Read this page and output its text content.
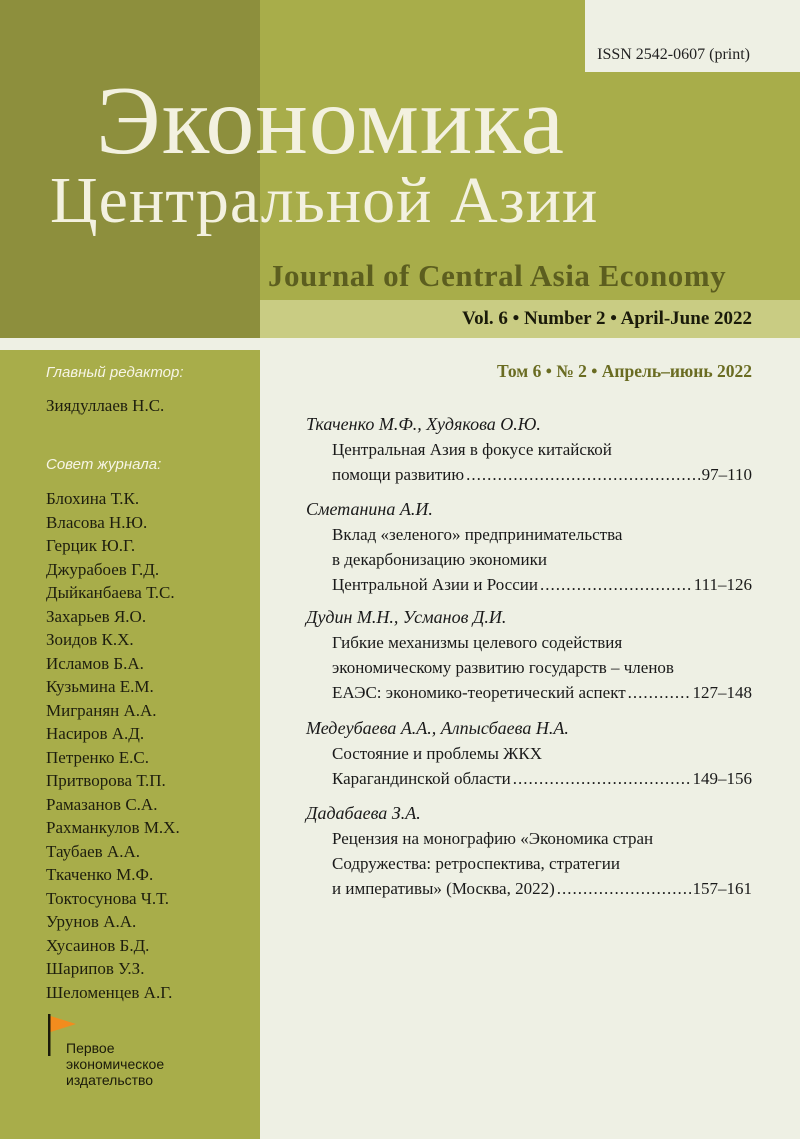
ISSN 2542-0607 (print)
Экономика
Центральной Азии
Journal of Central Asia Economy
Vol. 6 • Number 2 • April-June 2022
Главный редактор:
Зиядуллаев Н.С.
Совет журнала:
Блохина Т.К.
Власова Н.Ю.
Герцик Ю.Г.
Джурабоев Г.Д.
Дыйканбаева Т.С.
Захарьев Я.О.
Зоидов К.Х.
Исламов Б.А.
Кузьмина Е.М.
Мигранян А.А.
Насиров А.Д.
Петренко Е.С.
Притворова Т.П.
Рамазанов С.А.
Рахманкулов М.Х.
Таубаев А.А.
Ткаченко М.Ф.
Токтосунова Ч.Т.
Урунов А.А.
Хусаинов Б.Д.
Шарипов У.З.
Шеломенцев А.Г.
Первое
экономическое
издательство
Том 6 • № 2 • Апрель–июнь 2022
Ткаченко М.Ф., Худякова О.Ю.
Центральная Азия в фокусе китайской
помощи развитию .....	97–110
Сметанина А.И.
Вклад «зеленого» предпринимательства
в декарбонизацию экономики
Центральной Азии и России .....	111–126
Дудин М.Н., Усманов Д.И.
Гибкие механизмы целевого содействия
экономическому развитию государств – членов
ЕАЭС: экономико-теоретический аспект .....	127–148
Медеубаева А.А., Алпысбаева Н.А.
Состояние и проблемы ЖКХ
Карагандинской области .....	149–156
Дадабаева З.А.
Рецензия на монографию «Экономика стран
Содружества: ретроспектива, стратегии
и императивы» (Москва, 2022) .....	157–161
